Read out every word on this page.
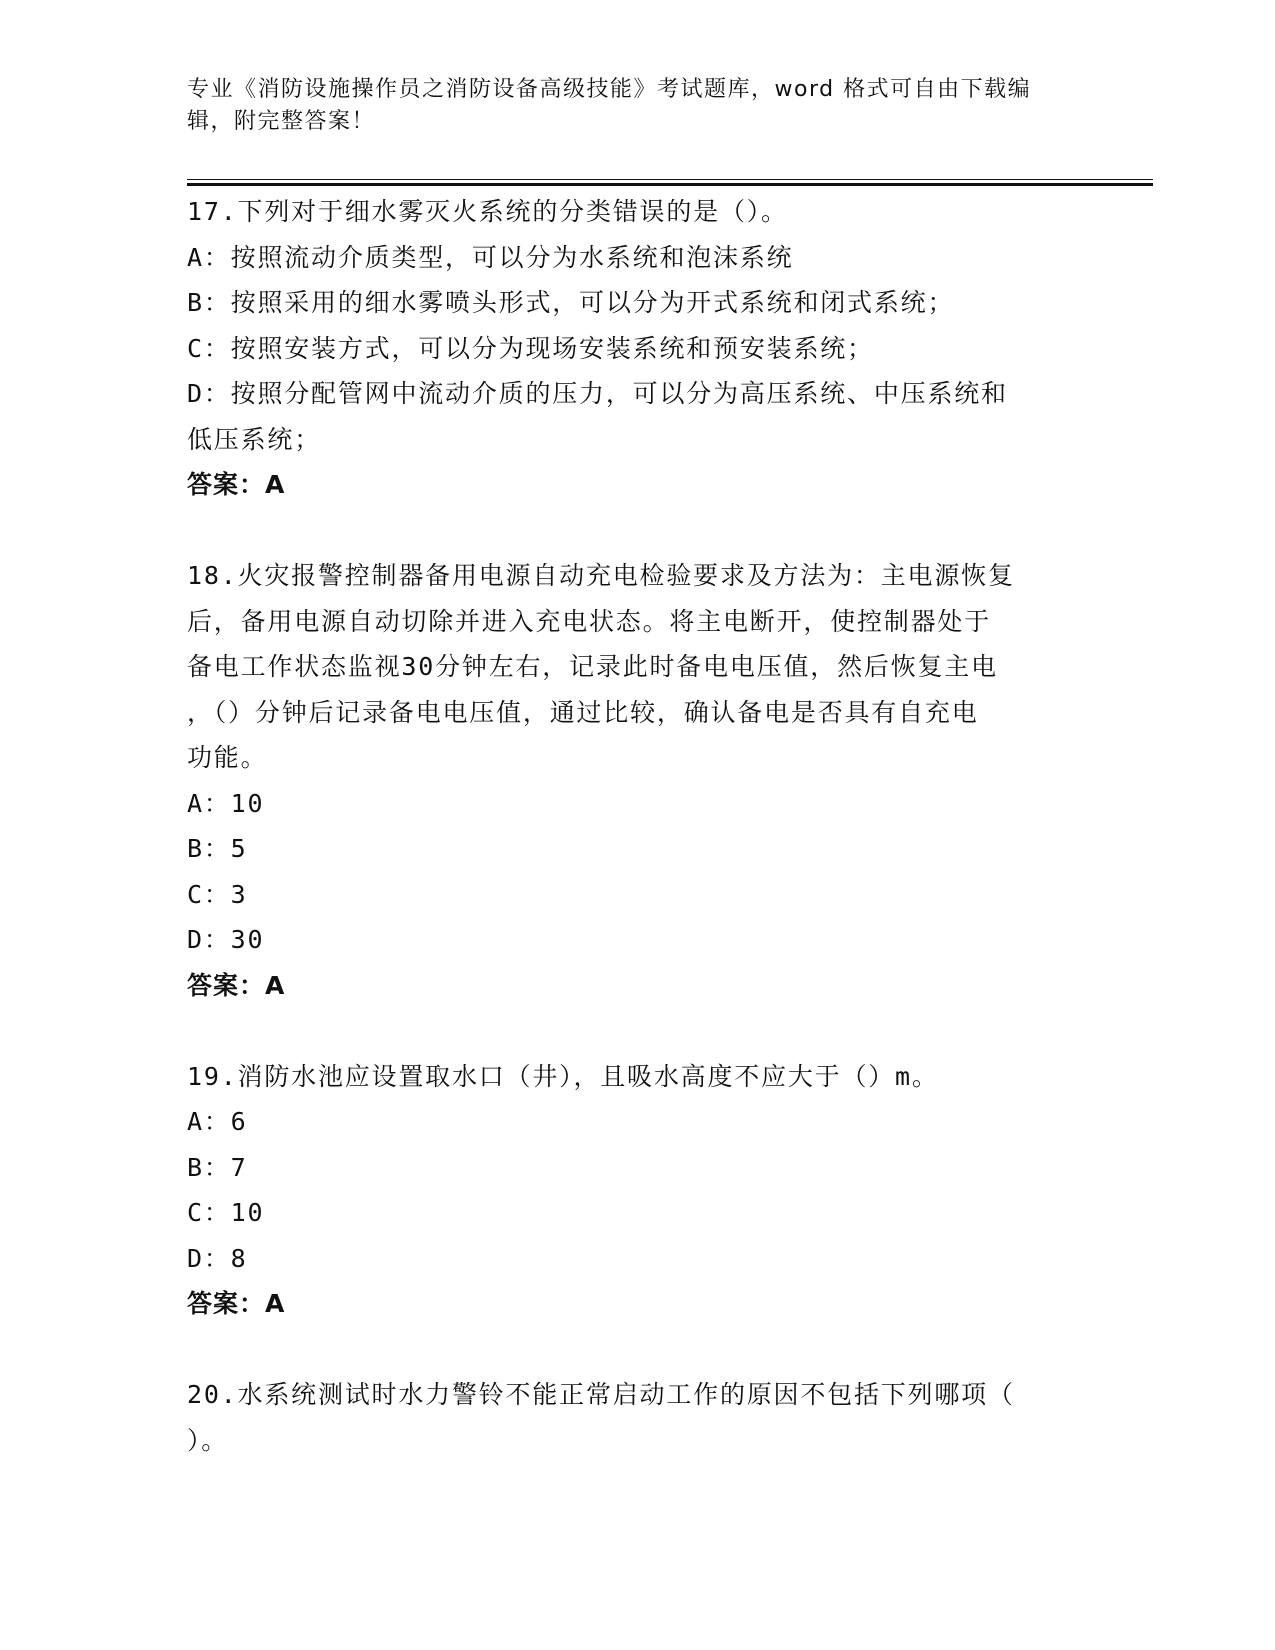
专业《消防设施操作员之消防设备高级技能》考试题库，word 格式可自由下载编
辑，附完整答案！
17.下列对于细水雾灭火系统的分类错误的是（）。
A：按照流动介质类型，可以分为水系统和泡沫系统
B：按照采用的细水雾喷头形式，可以分为开式系统和闭式系统；
C：按照安装方式，可以分为现场安装系统和预安装系统；
D：按照分配管网中流动介质的压力，可以分为高压系统、中压系统和
低压系统；
答案：A
18.火灾报警控制器备用电源自动充电检验要求及方法为：主电源恢复
后，备用电源自动切除并进入充电状态。将主电断开，使控制器处于
备电工作状态监视30分钟左右，记录此时备电电压值，然后恢复主电
，（）分钟后记录备电电压值，通过比较，确认备电是否具有自充电
功能。
A：10
B：5
C：3
D：30
答案：A
19.消防水池应设置取水口（井），且吸水高度不应大于（）m。
A：6
B：7
C：10
D：8
答案：A
20.水系统测试时水力警铃不能正常启动工作的原因不包括下列哪项（
）。
